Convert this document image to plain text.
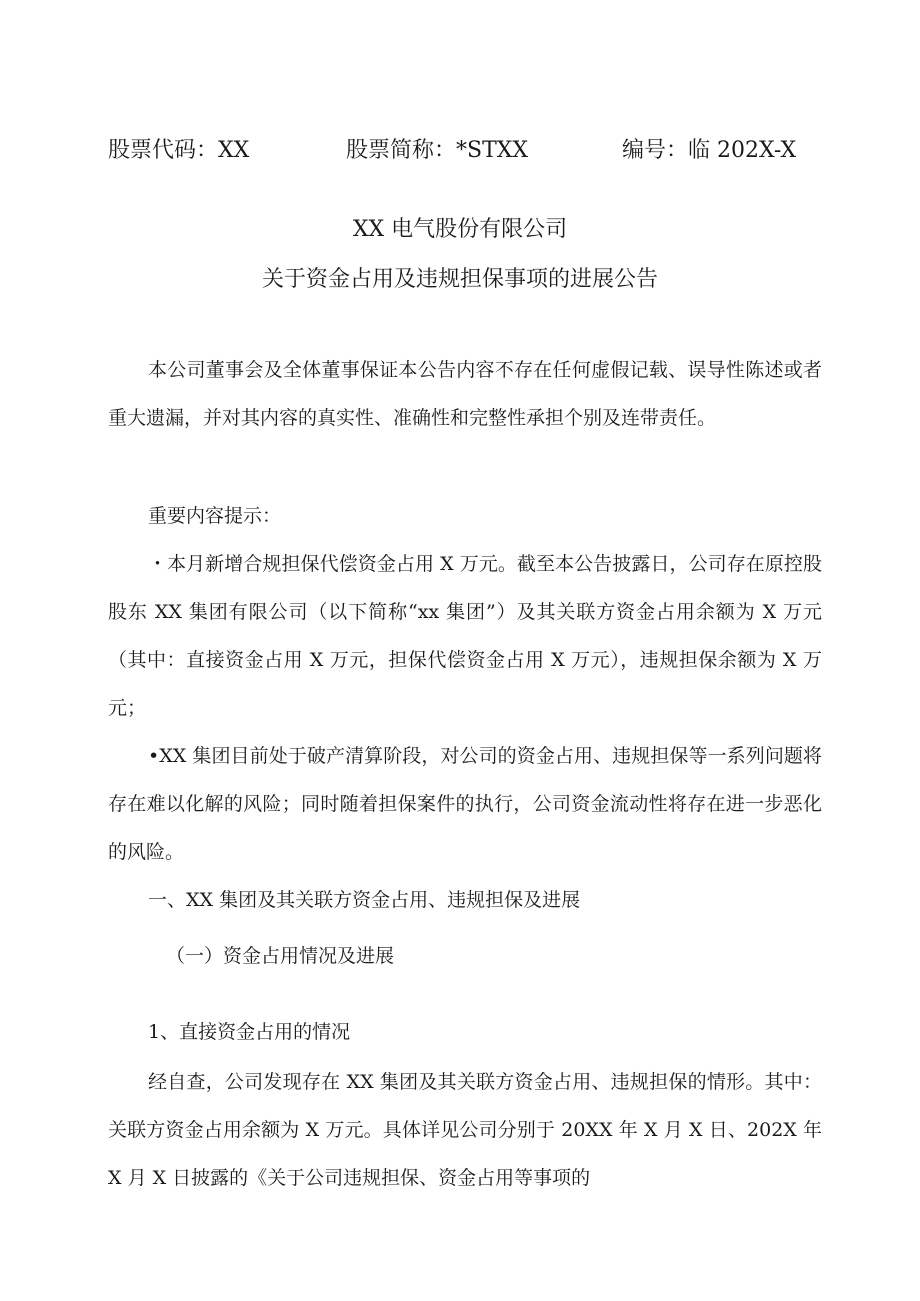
股票代码：XX	股票简称：*STXX	编号：临 202X-X
XX 电气股份有限公司
关于资金占用及违规担保事项的进展公告

本公司董事会及全体董事保证本公告内容不存在任何虚假记载、误导性陈述或者重大遗漏，并对其内容的真实性、准确性和完整性承担个别及连带责任。

重要内容提示：

・本月新增合规担保代偿资金占用 X 万元。截至本公告披露日，公司存在原控股股东 XX 集团有限公司（以下简称“xx 集团”）及其关联方资金占用余额为 X 万元（其中：直接资金占用 X 万元，担保代偿资金占用 X 万元），违规担保余额为 X 万元；

•XX 集团目前处于破产清算阶段，对公司的资金占用、违规担保等一系列问题将存在难以化解的风险；同时随着担保案件的执行，公司资金流动性将存在进一步恶化的风险。

一、XX 集团及其关联方资金占用、违规担保及进展

（一）资金占用情况及进展

1、直接资金占用的情况

经自查，公司发现存在 XX 集团及其关联方资金占用、违规担保的情形。其中：关联方资金占用余额为 X 万元。具体详见公司分别于 20XX 年 X 月 X 日、202X 年 X 月 X 日披露的《关于公司违规担保、资金占用等事项的
